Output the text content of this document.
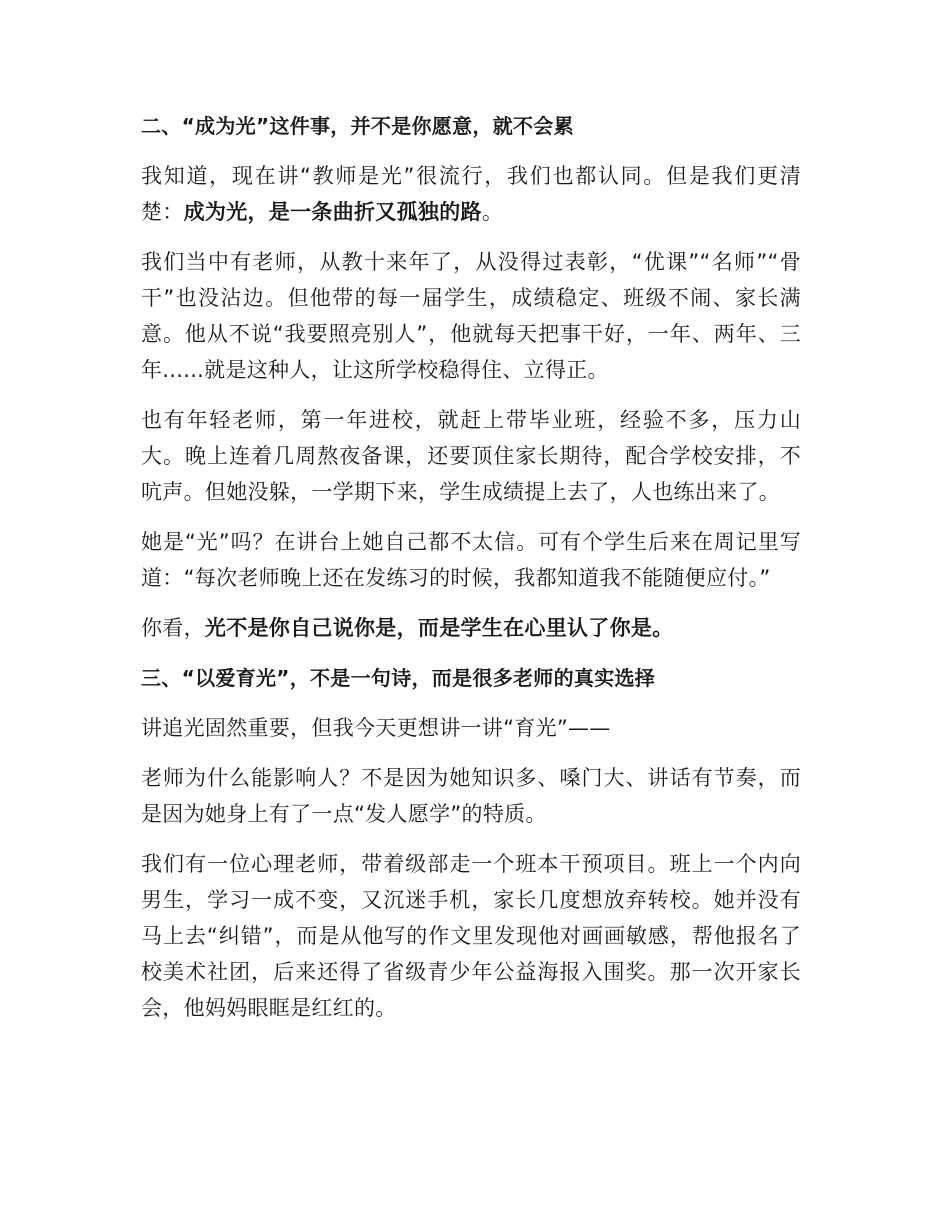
二、“成为光”这件事，并不是你愿意，就不会累

我知道，现在讲“教师是光”很流行，我们也都认同。但是我们更清楚：成为光，是一条曲折又孤独的路。

我们当中有老师，从教十来年了，从没得过表彰，“优课”“名师”“骨干”也没沾边。但他带的每一届学生，成绩稳定、班级不闹、家长满意。他从不说“我要照亮别人”，他就每天把事干好，一年、两年、三年......就是这种人，让这所学校稳得住、立得正。

也有年轻老师，第一年进校，就赶上带毕业班，经验不多，压力山大。晚上连着几周熬夜备课，还要顶住家长期待，配合学校安排，不吭声。但她没躲，一学期下来，学生成绩提上去了，人也练出来了。

她是“光”吗？在讲台上她自己都不太信。可有个学生后来在周记里写道：“每次老师晚上还在发练习的时候，我都知道我不能随便应付。”

你看，光不是你自己说你是，而是学生在心里认了你是。

三、“以爱育光”，不是一句诗，而是很多老师的真实选择

讲追光固然重要，但我今天更想讲一讲“育光”——

老师为什么能影响人？不是因为她知识多、嗓门大、讲话有节奏，而是因为她身上有了一点“发人愿学”的特质。

我们有一位心理老师，带着级部走一个班本干预项目。班上一个内向男生，学习一成不变，又沉迷手机，家长几度想放弃转校。她并没有马上去“纠错”，而是从他写的作文里发现他对画画敏感，帮他报名了校美术社团，后来还得了省级青少年公益海报入围奖。那一次开家长会，他妈妈眼眶是红红的。
